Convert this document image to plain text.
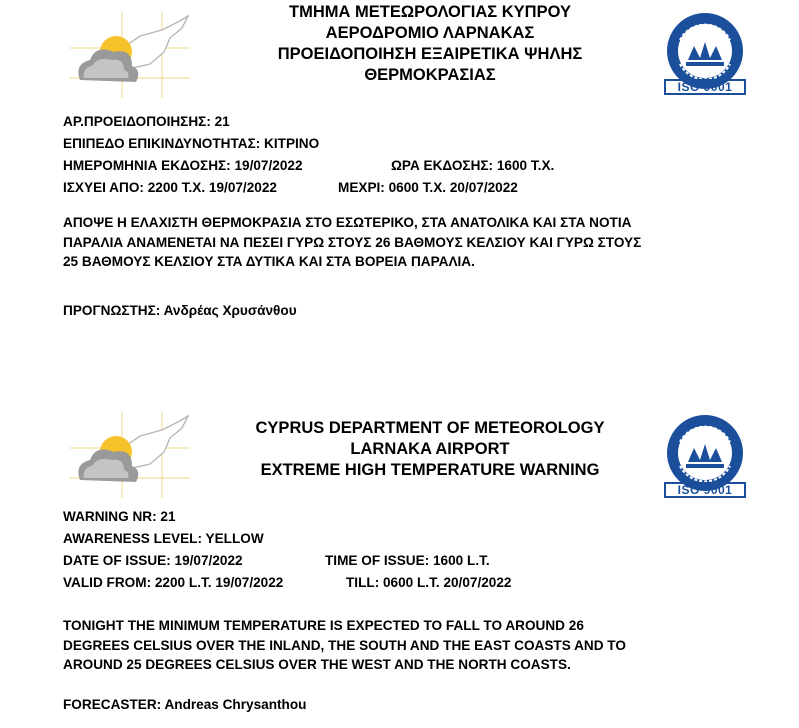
ΤΜΗΜΑ ΜΕΤΕΩΡΟΛΟΓΙΑΣ ΚΥΠΡΟΥ
ΑΕΡΟΔΡΟΜΙΟ ΛΑΡΝΑΚΑΣ
ΠΡΟΕΙΔΟΠΟΙΗΣΗ ΕΞΑΙΡΕΤΙΚΑ ΨΗΛΗΣ
ΘΕΡΜΟΚΡΑΣΙΑΣ
ISO 9001
ΑΡ.ΠΡΟΕΙΔΟΠΟΙΗΣΗΣ: 21
ΕΠΙΠΕΔΟ ΕΠΙΚΙΝΔΥΝΟΤΗΤΑΣ: ΚΙΤΡΙΝΟ
ΗΜΕΡΟΜΗΝΙΑ ΕΚΔΟΣΗΣ: 19/07/2022	ΩΡΑ ΕΚΔΟΣΗΣ: 1600 Τ.Χ.
ΙΣΧΥΕΙ ΑΠΟ: 2200 Τ.Χ. 19/07/2022	ΜΕΧΡΙ: 0600 Τ.Χ. 20/07/2022
ΑΠΟΨΕ Η ΕΛΑΧΙΣΤΗ ΘΕΡΜΟΚΡΑΣΙΑ ΣΤΟ ΕΣΩΤΕΡΙΚΟ, ΣΤΑ ΑΝΑΤΟΛΙΚΑ ΚΑΙ ΣΤΑ ΝΟΤΙΑ
ΠΑΡΑΛΙΑ ΑΝΑΜΕΝΕΤΑΙ ΝΑ ΠΕΣΕΙ ΓΥΡΩ ΣΤΟΥΣ 26 ΒΑΘΜΟΥΣ ΚΕΛΣΙΟΥ ΚΑΙ ΓΥΡΩ ΣΤΟΥΣ
25 ΒΑΘΜΟΥΣ ΚΕΛΣΙΟΥ ΣΤΑ ΔΥΤΙΚΑ ΚΑΙ ΣΤΑ ΒΟΡΕΙΑ ΠΑΡΑΛΙΑ.
ΠΡΟΓΝΩΣΤΗΣ: Ανδρέας Χρυσάνθου
CYPRUS DEPARTMENT OF METEOROLOGY
LARNAKA AIRPORT
EXTREME HIGH TEMPERATURE WARNING
ISO 9001
WARNING NR: 21
AWARENESS LEVEL: YELLOW
DATE OF ISSUE: 19/07/2022	TIME OF ISSUE: 1600 L.T.
VALID FROM: 2200 L.T. 19/07/2022	TILL: 0600 L.T. 20/07/2022
TONIGHT THE MINIMUM TEMPERATURE IS EXPECTED TO FALL TO AROUND 26
DEGREES CELSIUS OVER THE INLAND, THE SOUTH AND THE EAST COASTS AND TO
AROUND 25 DEGREES CELSIUS OVER THE WEST AND THE NORTH COASTS.
FORECASTER: Andreas Chrysanthou
